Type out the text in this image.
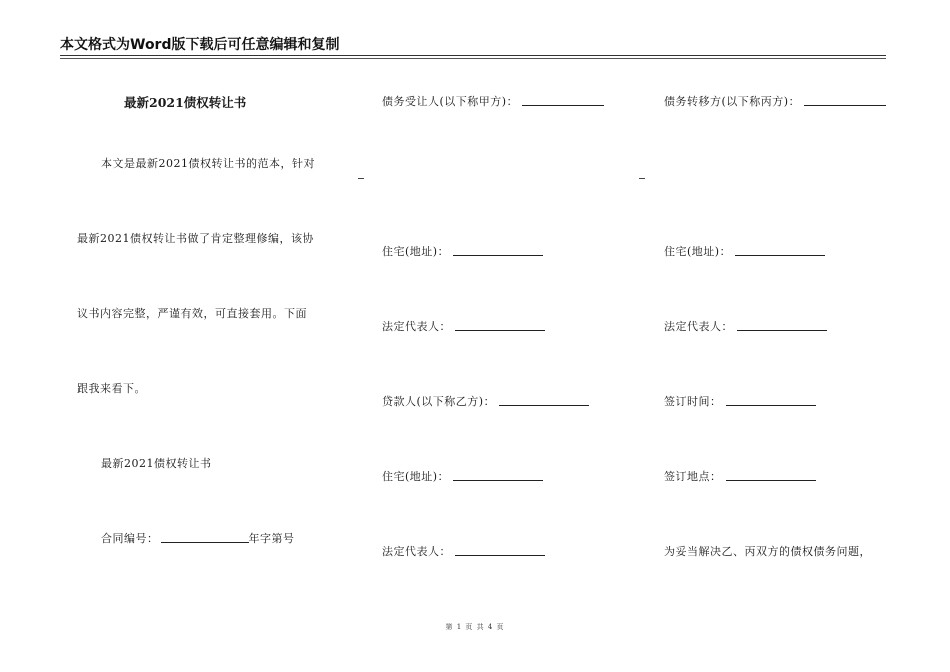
本文格式为Word版下载后可任意编辑和复制
最新2021债权转让书
本文是最新2021债权转让书的范本，针对
最新2021债权转让书做了肯定整理修编，该协
议书内容完整，严谨有效，可直接套用。下面
跟我来看下。
最新2021债权转让书
合同编号：	年字第号
债务受让人(以下称甲方)：
住宅(地址)：
法定代表人：
贷款人(以下称乙方)：
住宅(地址)：
法定代表人：
债务转移方(以下称丙方)：
住宅(地址)：
法定代表人：
签订时间：
签订地点：
为妥当解决乙、丙双方的债权债务问题，
第 1 页 共 4 页
